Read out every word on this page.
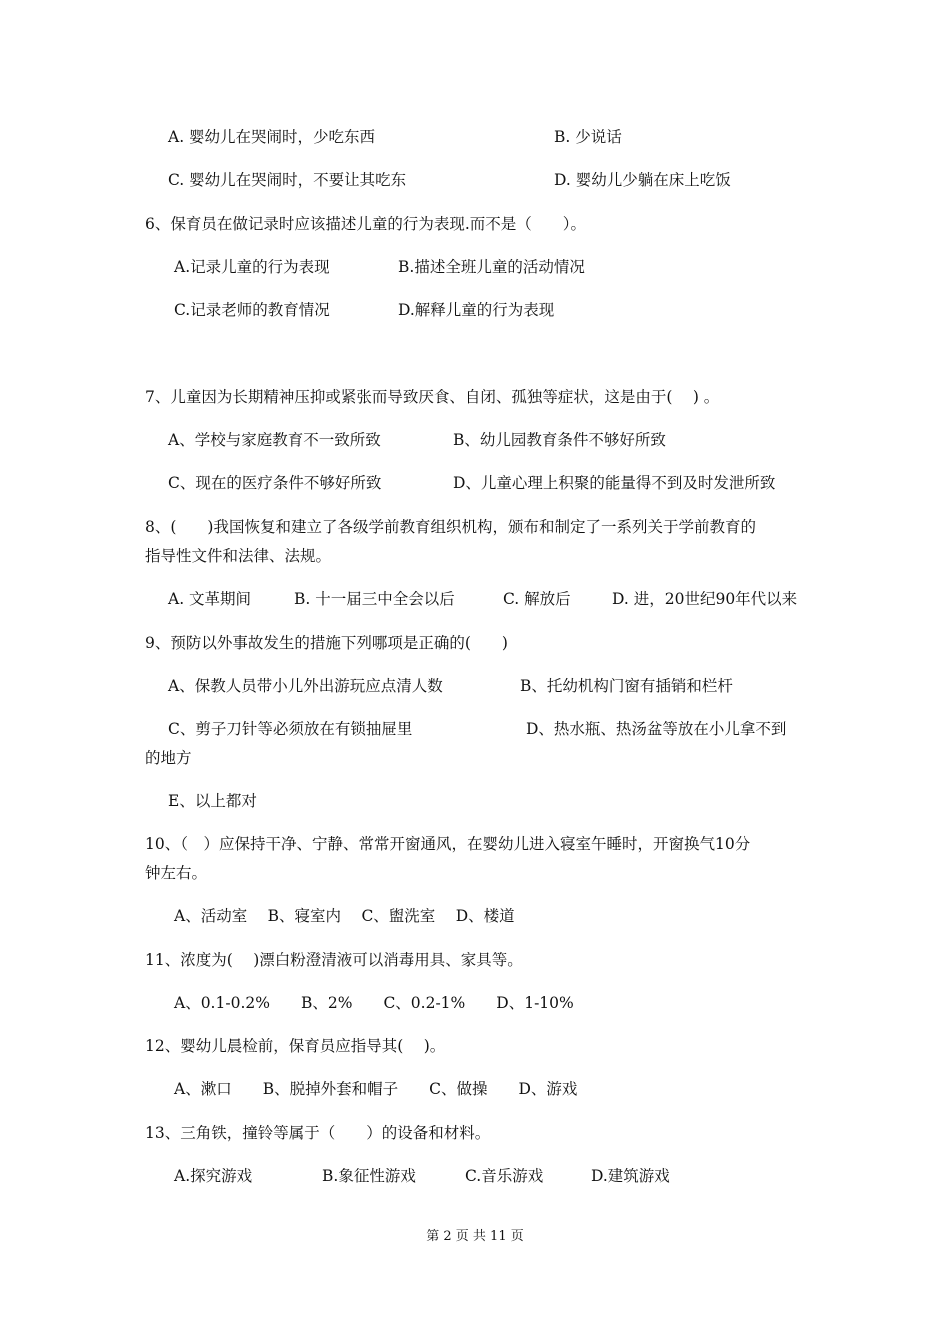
A. 婴幼儿在哭闹时，少吃东西	B. 少说话
C. 婴幼儿在哭闹时，不要让其吃东	D. 婴幼儿少躺在床上吃饭
6、保育员在做记录时应该描述儿童的行为表现.而不是（　　）。
A.记录儿童的行为表现	B.描述全班儿童的活动情况
C.记录老师的教育情况	D.解释儿童的行为表现
7、儿童因为长期精神压抑或紧张而导致厌食、自闭、孤独等症状，这是由于(　 ) 。
A、学校与家庭教育不一致所致	B、幼儿园教育条件不够好所致
C、现在的医疗条件不够好所致	D、儿童心理上积聚的能量得不到及时发泄所致
8、(　　)我国恢复和建立了各级学前教育组织机构，颁布和制定了一系列关于学前教育的
指导性文件和法律、法规。
A. 文革期间	B. 十一届三中全会以后	C. 解放后	D. 进，20世纪90年代以来
9、预防以外事故发生的措施下列哪项是正确的(　　)
A、保教人员带小儿外出游玩应点清人数	B、托幼机构门窗有插销和栏杆
C、剪子刀针等必须放在有锁抽屉里	D、热水瓶、热汤盆等放在小儿拿不到
的地方
E、以上都对
10、（　）应保持干净、宁静、常常开窗通风，在婴幼儿进入寝室午睡时，开窗换气10分
钟左右。
A、活动室　 B、寝室内　 C、盥洗室　 D、楼道
11、浓度为(　 )漂白粉澄清液可以消毒用具、家具等。
A、0.1-0.2%　　B、2%　　C、0.2-1%　　D、1-10%
12、婴幼儿晨检前，保育员应指导其(　 )。
A、漱口　　B、脱掉外套和帽子　　C、做操　　D、游戏
13、三角铁，撞铃等属于（　　）的设备和材料。
A.探究游戏	B.象征性游戏	C.音乐游戏	D.建筑游戏
第 2 页 共 11 页
